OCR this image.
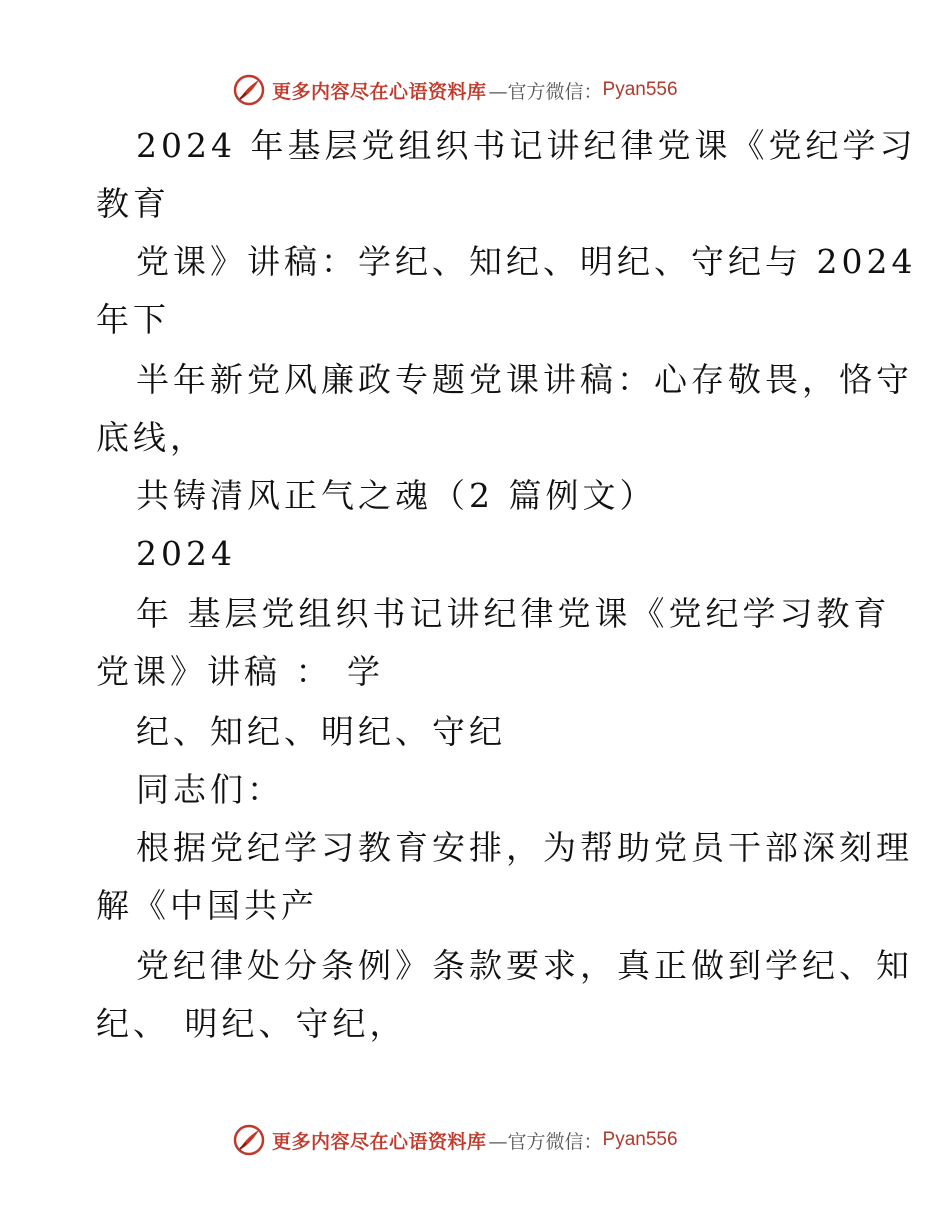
更多内容尽在心语资料库 —官方微信： Pyan556
2024 年基层党组织书记讲纪律党课《党纪学习
教育
党课》讲稿：学纪、知纪、明纪、守纪与 2024
年下
半年新党风廉政专题党课讲稿：心存敬畏，恪守
底线，
共铸清风正气之魂（2 篇例文）
2024
年 基层党组织书记讲纪律党课《党纪学习教育
党课》讲稿 ： 学
纪、知纪、明纪、守纪
同志们：
根据党纪学习教育安排，为帮助党员干部深刻理
解《中国共产
党纪律处分条例》条款要求，真正做到学纪、知
纪、 明纪、守纪，
更多内容尽在心语资料库 —官方微信： Pyan556
